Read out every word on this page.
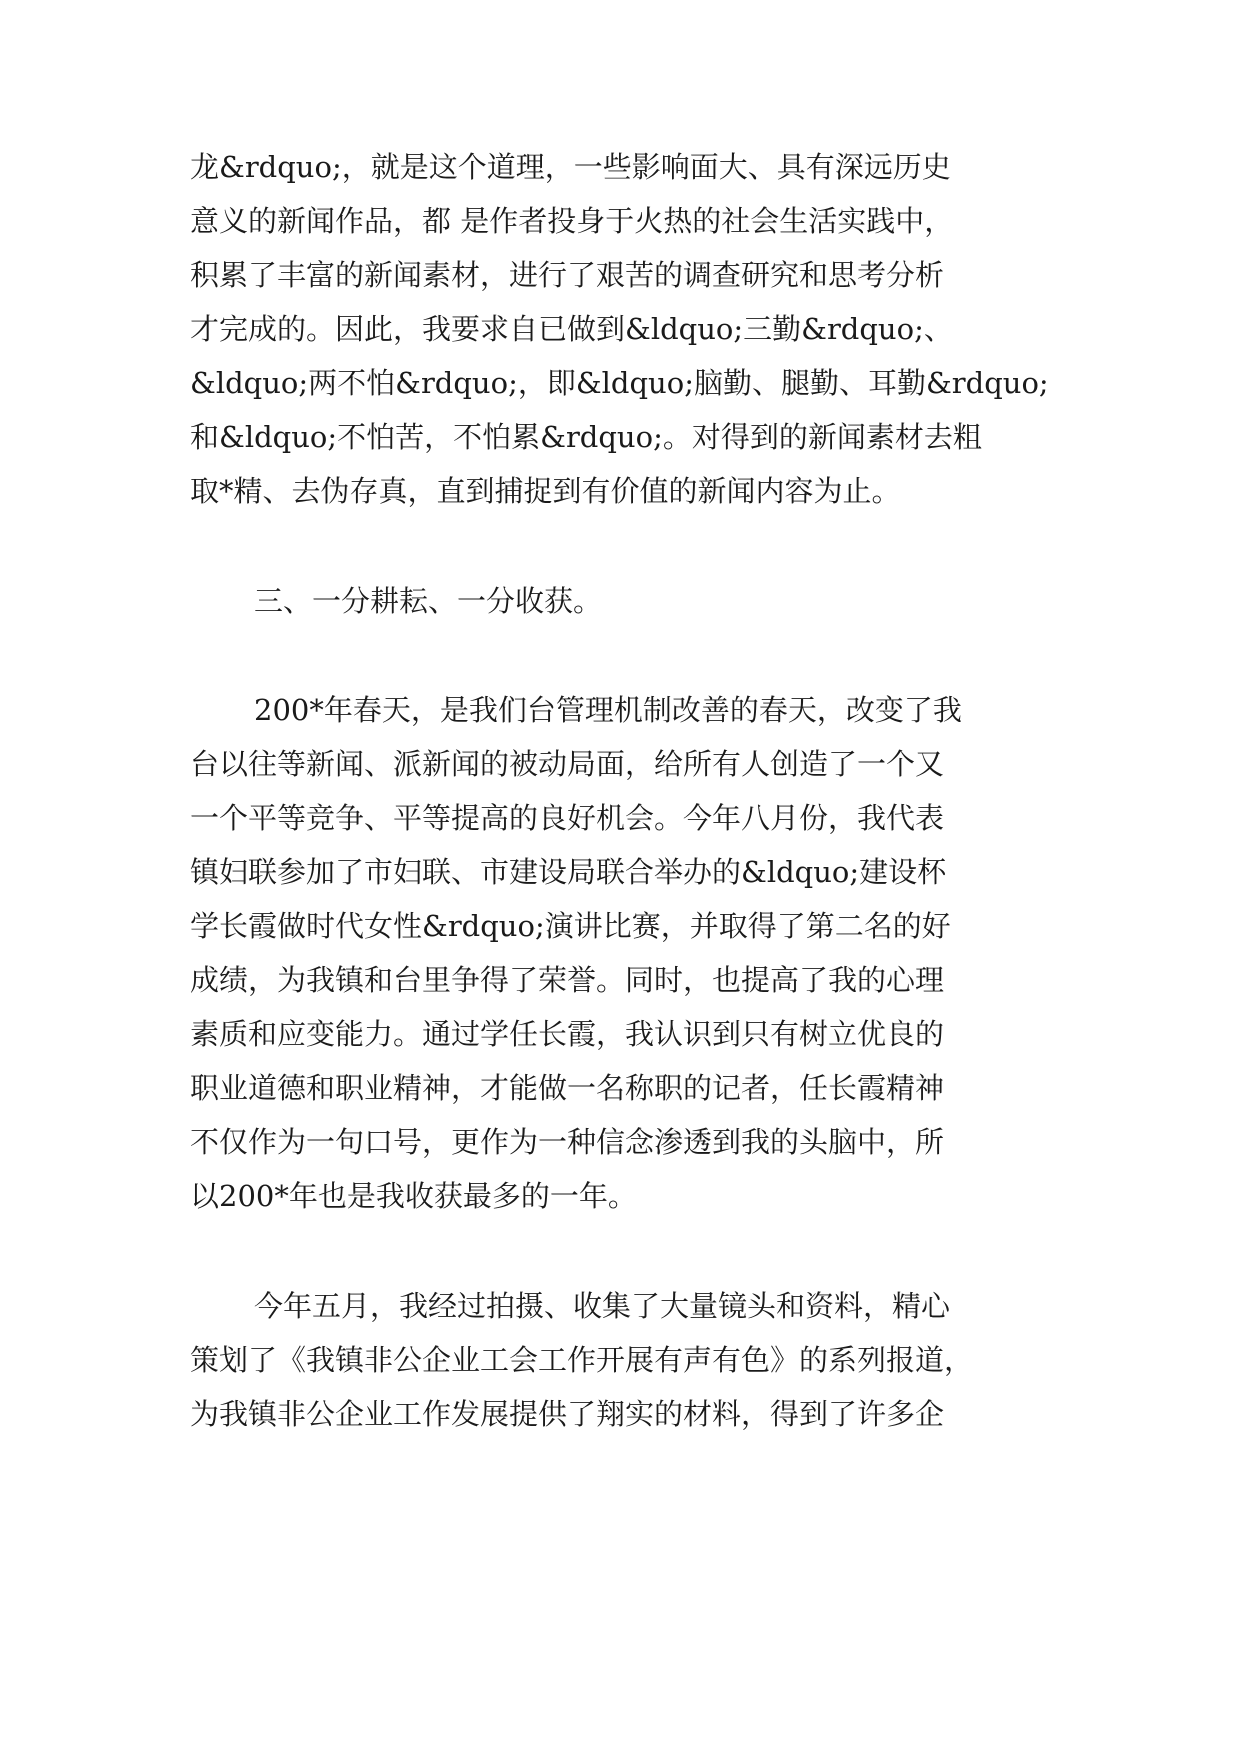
龙&rdquo;，就是这个道理，一些影响面大、具有深远历史
意义的新闻作品，都 是作者投身于火热的社会生活实践中，
积累了丰富的新闻素材，进行了艰苦的调查研究和思考分析
才完成的。因此，我要求自已做到&ldquo;三勤&rdquo;、
&ldquo;两不怕&rdquo;，即&ldquo;脑勤、腿勤、耳勤&rdquo;
和&ldquo;不怕苦，不怕累&rdquo;。对得到的新闻素材去粗
取*精、去伪存真，直到捕捉到有价值的新闻内容为止。
三、一分耕耘、一分收获。
200*年春天，是我们台管理机制改善的春天，改变了我
台以往等新闻、派新闻的被动局面，给所有人创造了一个又
一个平等竞争、平等提高的良好机会。今年八月份，我代表
镇妇联参加了市妇联、市建设局联合举办的&ldquo;建设杯
学长霞做时代女性&rdquo;演讲比赛，并取得了第二名的好
成绩，为我镇和台里争得了荣誉。同时，也提高了我的心理
素质和应变能力。通过学任长霞，我认识到只有树立优良的
职业道德和职业精神，才能做一名称职的记者，任长霞精神
不仅作为一句口号，更作为一种信念渗透到我的头脑中，所
以200*年也是我收获最多的一年。
今年五月，我经过拍摄、收集了大量镜头和资料，精心
策划了《我镇非公企业工会工作开展有声有色》的系列报道，
为我镇非公企业工作发展提供了翔实的材料，得到了许多企
